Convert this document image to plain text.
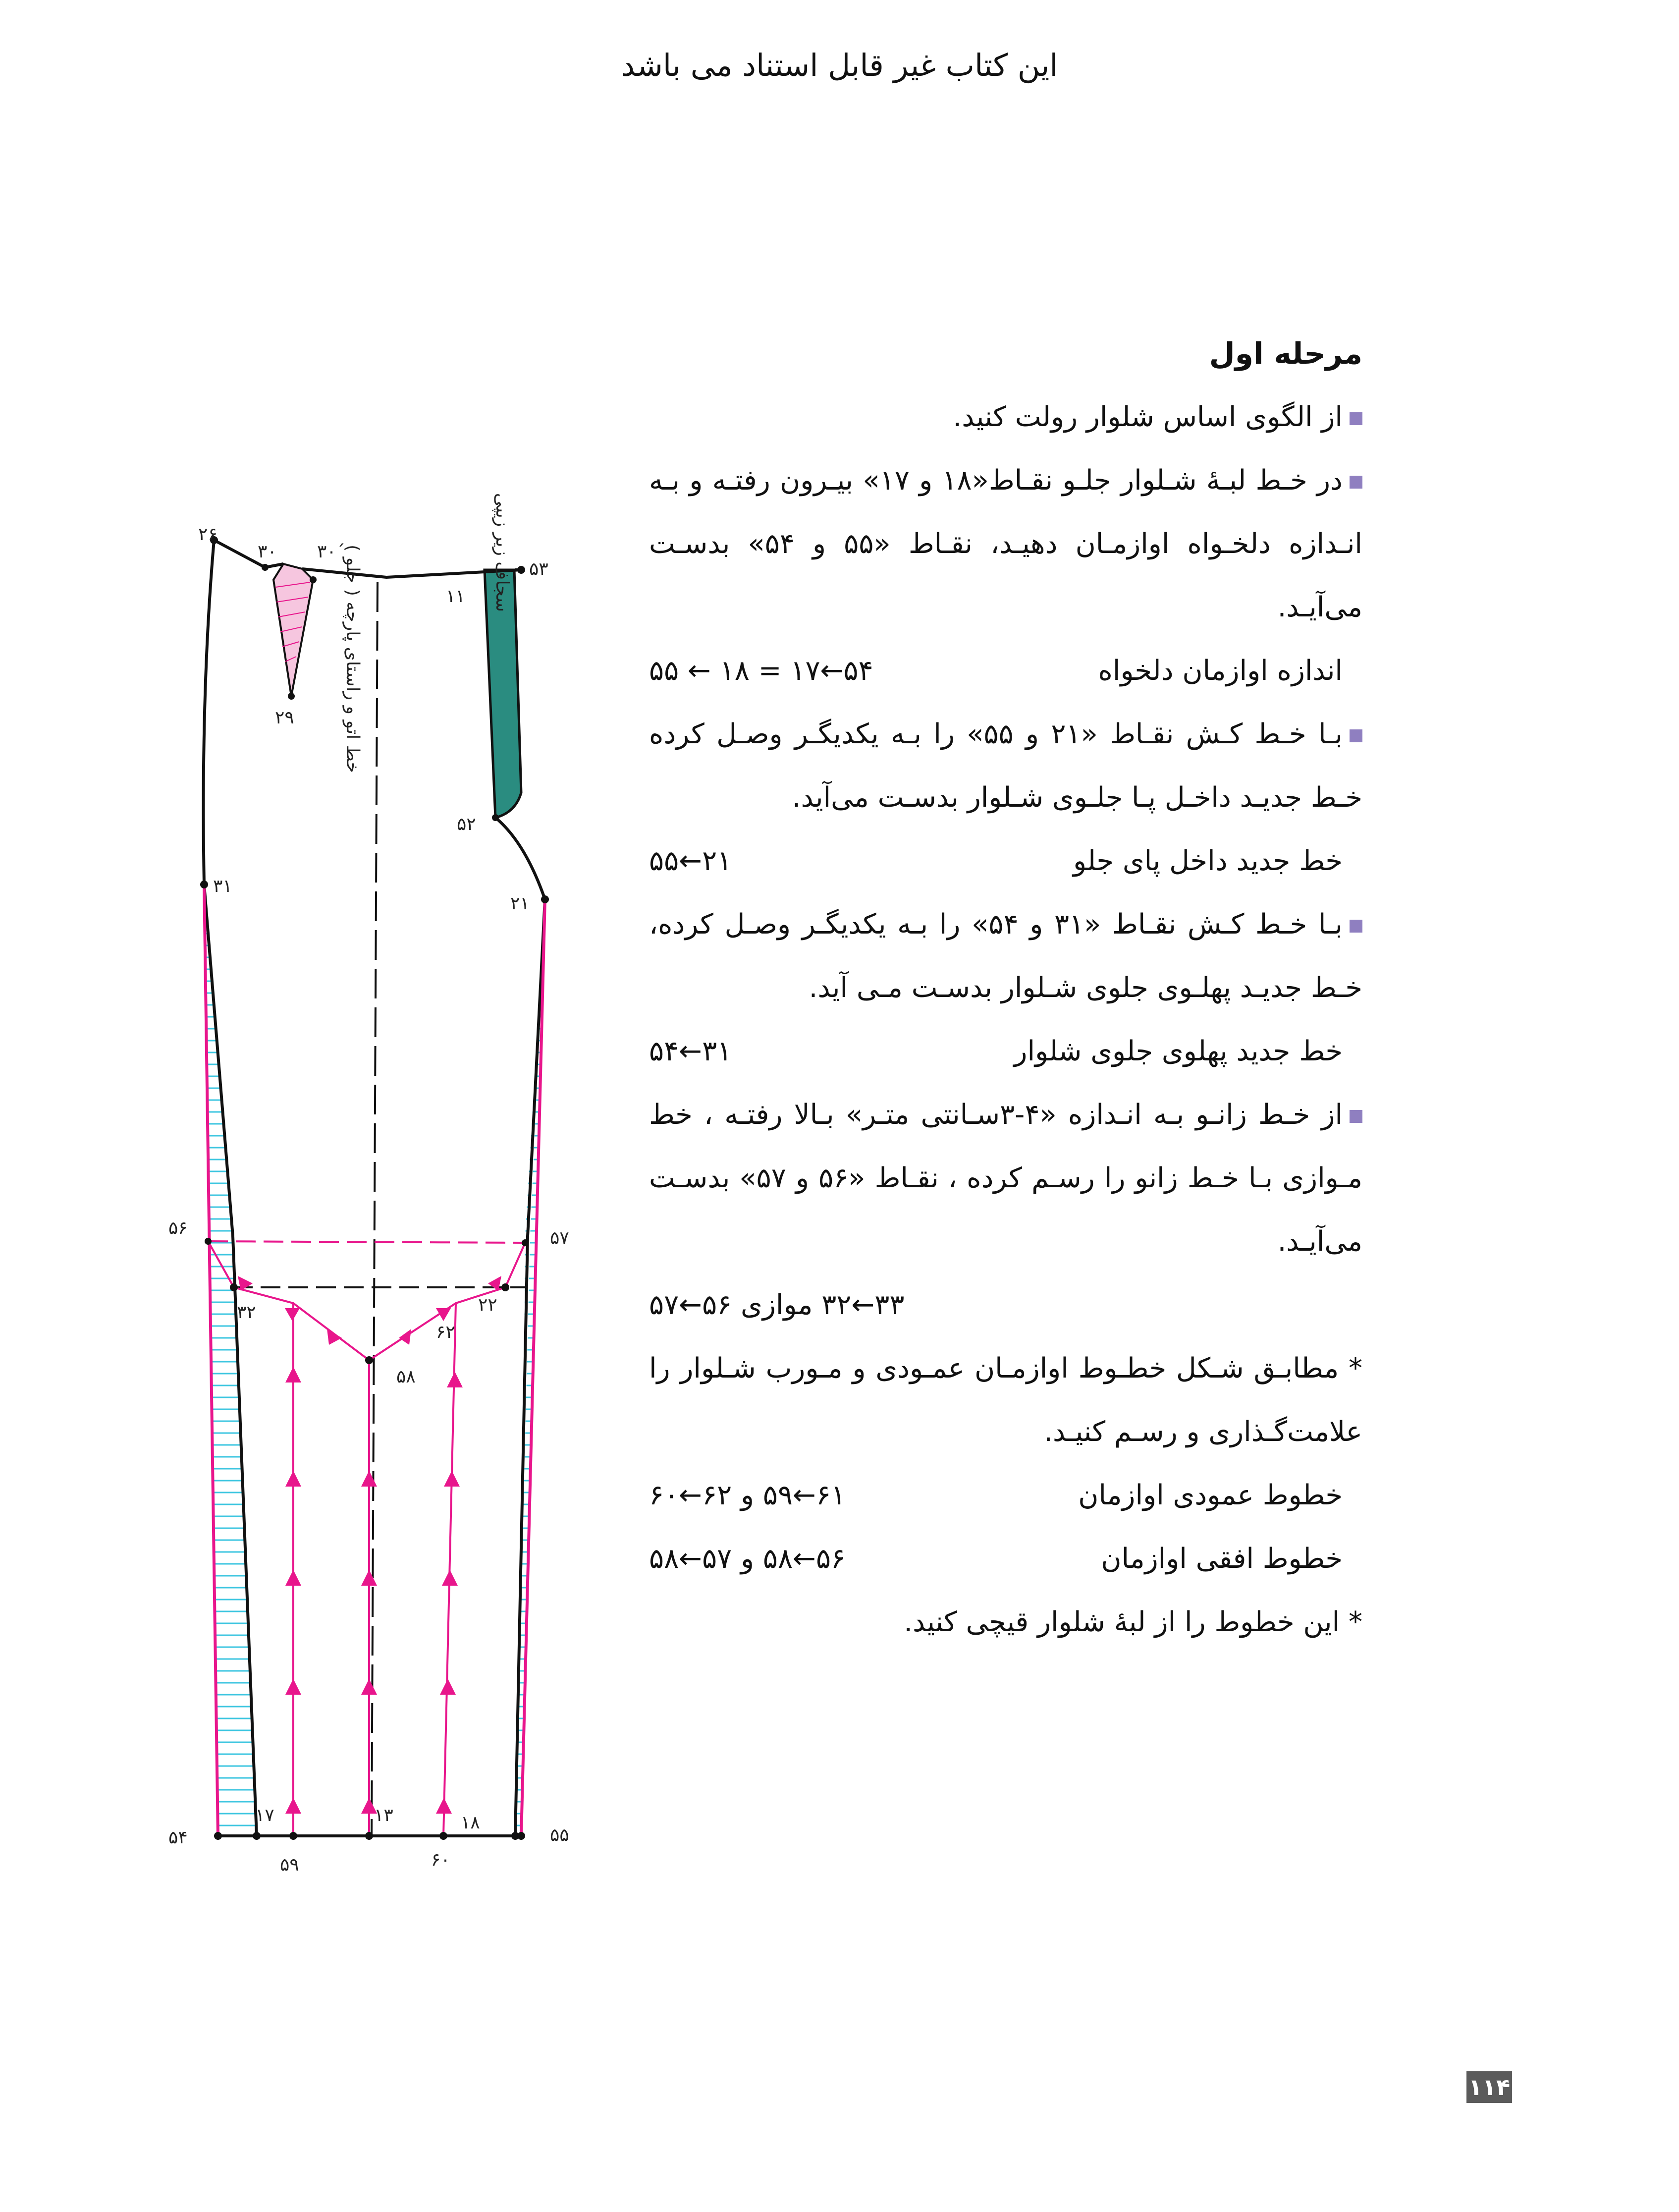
این کتاب غیر قابل استناد می باشد
۲۶
۳۰ ۳۰´
۵۳
۱۱
۲۹
۵۲
۲۱
۳۱
۵۶	۵۷
۳۲	۲۲
۶۲
۵۸
۱۷	۱۳	۱۸
۵۴	۵۵
۵۹	۶۰
خط اتو و راستای پارچه ( جلو )	سجاف زیر زیپی

مرحله اول

از الگوی اساس شلوار رولت کنید.

در خـط لبـهٔ شـلوار جلـو نقـاط«۱۸ و ۱۷» بیـرون رفتـه و بـه انـدازه دلخـواه اوازمـان دهیـد، نقـاط «۵۵ و ۵۴» بدسـت می‌آیـد.

اندازه اوازمان دلخواه
۵۴←۱۷ = ۱۸ ← ۵۵

بـا خـط کـش نقـاط «۲۱ و ۵۵» را بـه یکدیگـر وصـل کرده خـط جدیـد داخـل پـا جلـوی شـلوار بدسـت می‌آید.

خط جدید داخل پای جلو
۲۱←۵۵

بـا خـط کـش نقـاط «۳۱ و ۵۴» را بـه یکدیگـر وصـل کرده، خـط جدیـد پهلـوی جلوی شـلوار بدسـت مـی آید.

خط جدید پهلوی جلوی شلوار
۳۱←۵۴

از خـط زانـو بـه انـدازه «۴-۳سـانتی متـر» بـالا رفتـه ، خط مـوازی بـا خـط زانو را رسـم کرده ، نقـاط «۵۶ و ۵۷» بدسـت می‌آیـد.

۳۳←۳۲ موازی ۵۶←۵۷

* مطابـق شـکل خطـوط اوازمـان عمـودی و مـورب شـلوار را علامت‌گـذاری و رسـم کنیـد.

خطوط عمودی اوازمان
۶۱←۵۹ و ۶۲←۶۰

خطوط افقی اوازمان
۵۶←۵۸ و ۵۷←۵۸

* این خطوط را از لبهٔ شلوار قیچی کنید.

۱۱۴
